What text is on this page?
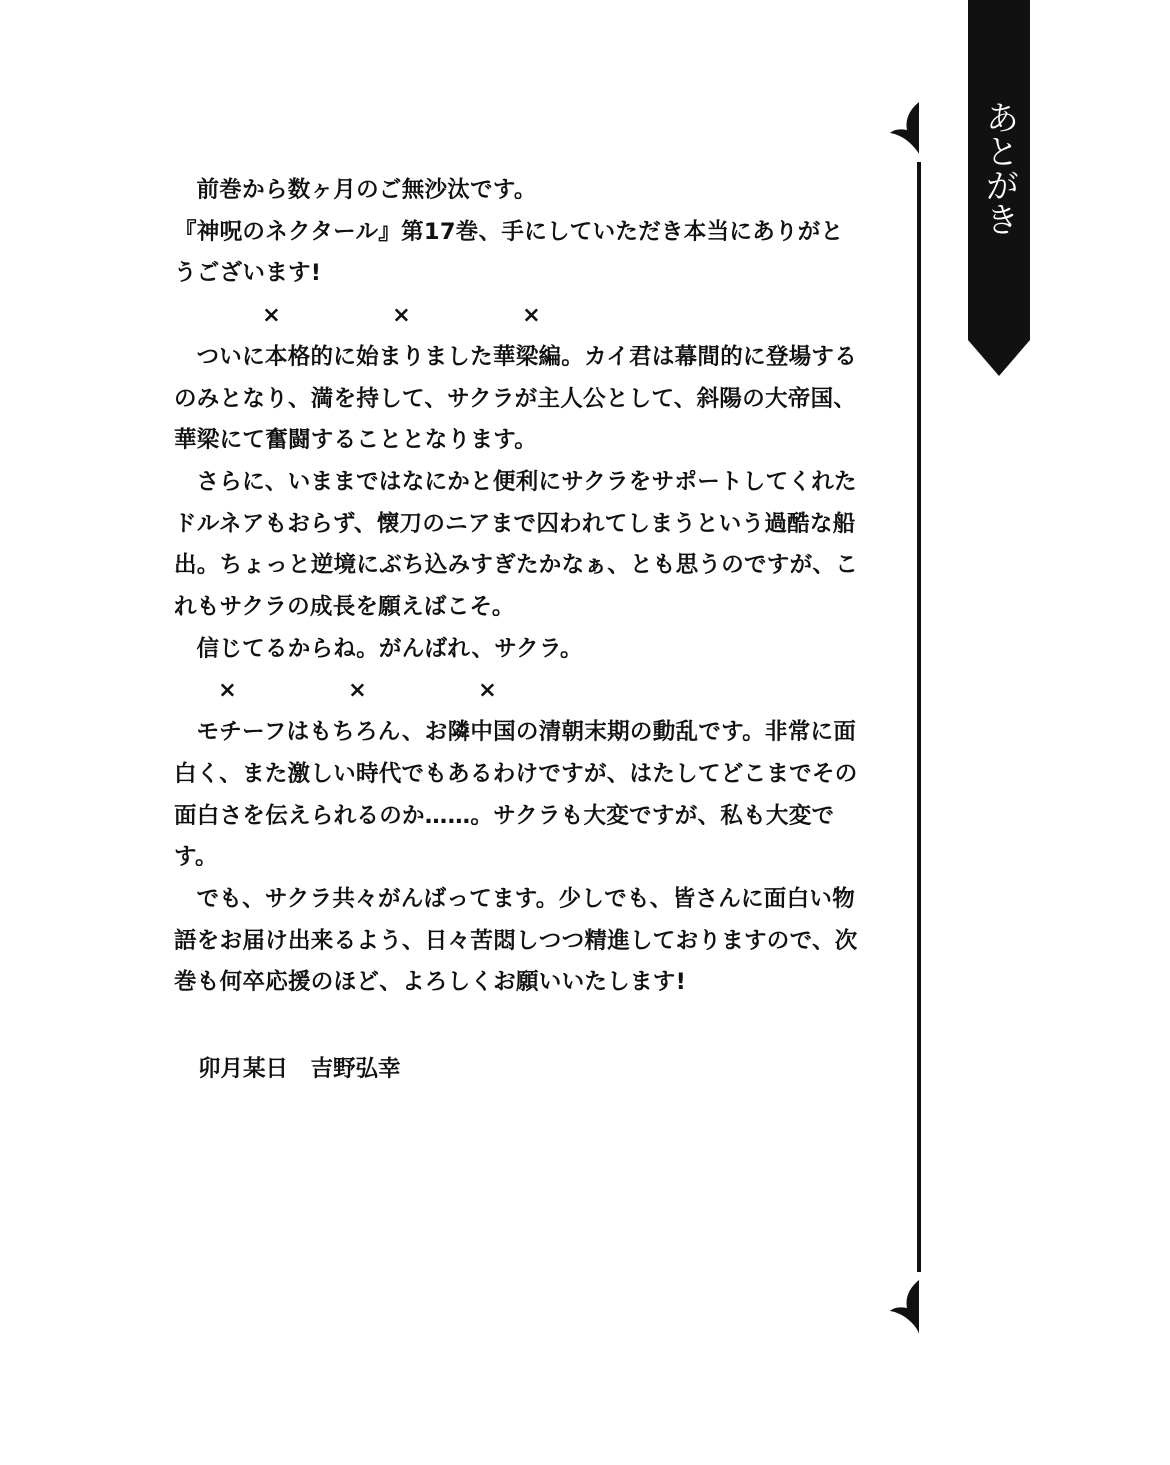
あとがき

前巻から数ヶ月のご無沙汰です。

『神呪のネクタール』第17巻、手にしていただき本当にありがとうございます!

×	×	×

ついに本格的に始まりました華梁編。カイ君は幕間的に登場するのみとなり、満を持して、サクラが主人公として、斜陽の大帝国、華梁にて奮闘することとなります。

さらに、いままではなにかと便利にサクラをサポートしてくれたドルネアもおらず、懐刀のニアまで囚われてしまうという過酷な船出。ちょっと逆境にぶち込みすぎたかなぁ、とも思うのですが、これもサクラの成長を願えばこそ。

信じてるからね。がんばれ、サクラ。

×	×	×

モチーフはもちろん、お隣中国の清朝末期の動乱です。非常に面白く、また激しい時代でもあるわけですが、はたしてどこまでその面白さを伝えられるのか……。サクラも大変ですが、私も大変です。

でも、サクラ共々がんばってます。少しでも、皆さんに面白い物語をお届け出来るよう、日々苦悶しつつ精進しておりますので、次巻も何卒応援のほど、よろしくお願いいたします!

卯月某日　 吉野弘幸
